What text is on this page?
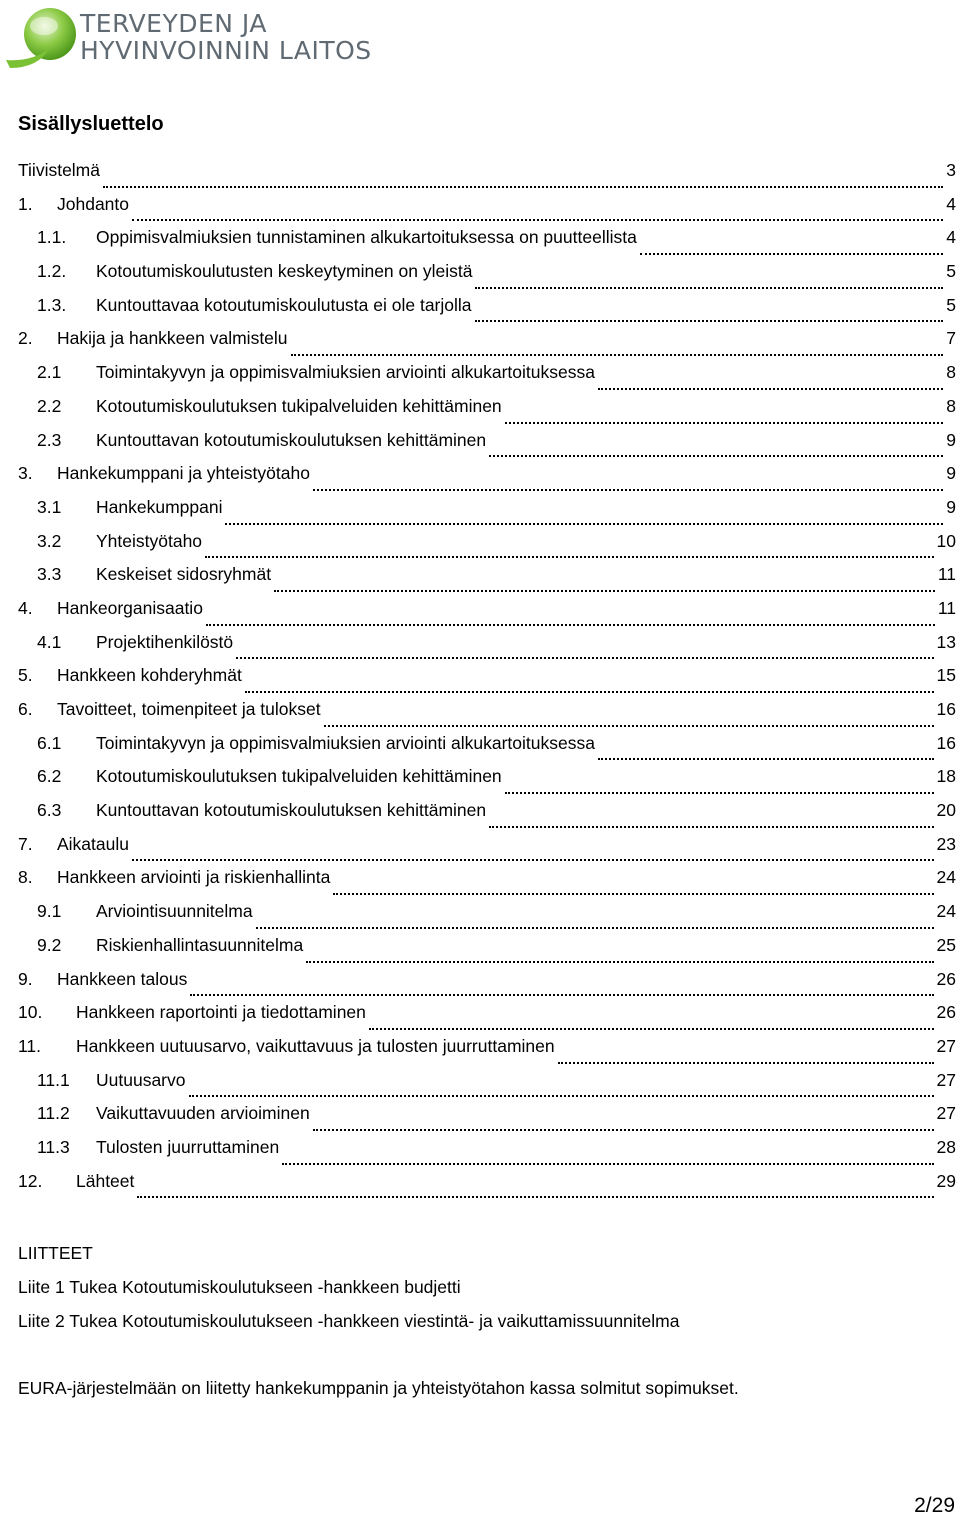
TERVEYDEN JA
HYVINVOINNIN LAITOS
Sisällysluettelo
Tiivistelmä	3
1.	Johdanto	4
1.1.	Oppimisvalmiuksien tunnistaminen alkukartoituksessa on puutteellista	4
1.2.	Kotoutumiskoulutusten keskeytyminen on yleistä	5
1.3.	Kuntouttavaa kotoutumiskoulutusta ei ole tarjolla	5
2.	Hakija ja hankkeen valmistelu	7
2.1	Toimintakyvyn ja oppimisvalmiuksien arviointi alkukartoituksessa	8
2.2	Kotoutumiskoulutuksen tukipalveluiden kehittäminen	8
2.3	Kuntouttavan kotoutumiskoulutuksen kehittäminen	9
3.	Hankekumppani ja yhteistyötaho	9
3.1	Hankekumppani	9
3.2	Yhteistyötaho	10
3.3	Keskeiset sidosryhmät	11
4.	Hankeorganisaatio	11
4.1	Projektihenkilöstö	13
5.	Hankkeen kohderyhmät	15
6.	Tavoitteet, toimenpiteet ja tulokset	16
6.1	Toimintakyvyn ja oppimisvalmiuksien arviointi alkukartoituksessa	16
6.2	Kotoutumiskoulutuksen tukipalveluiden kehittäminen	18
6.3	Kuntouttavan kotoutumiskoulutuksen kehittäminen	20
7.	Aikataulu	23
8.	Hankkeen arviointi ja riskienhallinta	24
9.1	Arviointisuunnitelma	24
9.2	Riskienhallintasuunnitelma	25
9.	Hankkeen talous	26
10.	Hankkeen raportointi ja tiedottaminen	26
11.	Hankkeen uutuusarvo, vaikuttavuus ja tulosten juurruttaminen	27
11.1	Uutuusarvo	27
11.2	Vaikuttavuuden arvioiminen	27
11.3	Tulosten juurruttaminen	28
12.	Lähteet	29
LIITTEET
Liite 1 Tukea Kotoutumiskoulutukseen -hankkeen budjetti
Liite 2 Tukea Kotoutumiskoulutukseen -hankkeen viestintä- ja vaikuttamissuunnitelma
EURA-järjestelmään on liitetty hankekumppanin ja yhteistyötahon kassa solmitut sopimukset.
2/29
